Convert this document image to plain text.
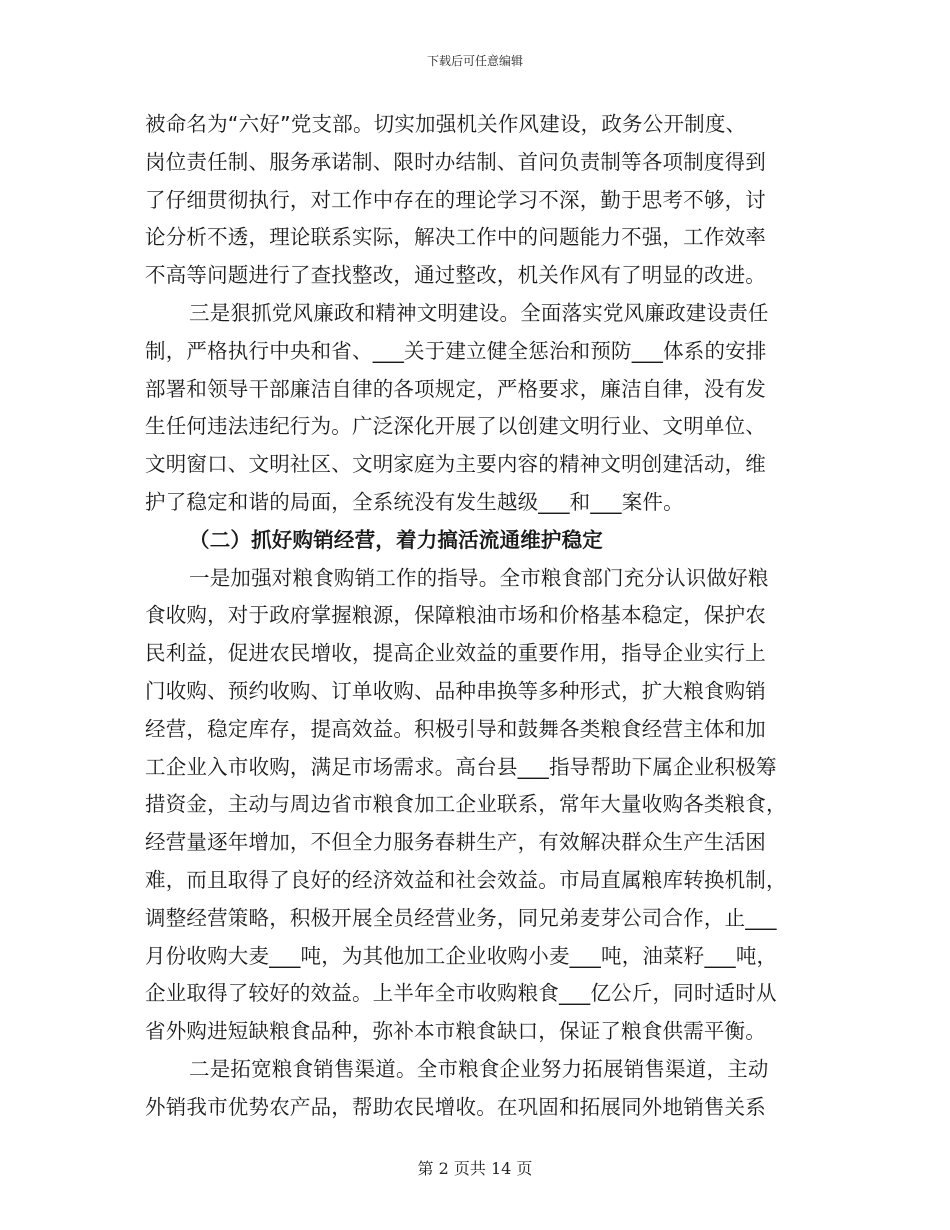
下载后可任意编辑
被命名为“六好”党支部。切实加强机关作风建设，政务公开制度、
岗位责任制、服务承诺制、限时办结制、首问负责制等各项制度得到
了仔细贯彻执行，对工作中存在的理论学习不深，勤于思考不够，讨
论分析不透，理论联系实际，解决工作中的问题能力不强，工作效率
不高等问题进行了查找整改，通过整改，机关作风有了明显的改进。
三是狠抓党风廉政和精神文明建设。全面落实党风廉政建设责任
制，严格执行中央和省、___关于建立健全惩治和预防___体系的安排
部署和领导干部廉洁自律的各项规定，严格要求，廉洁自律，没有发
生任何违法违纪行为。广泛深化开展了以创建文明行业、文明单位、
文明窗口、文明社区、文明家庭为主要内容的精神文明创建活动，维
护了稳定和谐的局面，全系统没有发生越级___和___案件。
（二）抓好购销经营，着力搞活流通维护稳定
一是加强对粮食购销工作的指导。全市粮食部门充分认识做好粮
食收购，对于政府掌握粮源，保障粮油市场和价格基本稳定，保护农
民利益，促进农民增收，提高企业效益的重要作用，指导企业实行上
门收购、预约收购、订单收购、品种串换等多种形式，扩大粮食购销
经营，稳定库存，提高效益。积极引导和鼓舞各类粮食经营主体和加
工企业入市收购，满足市场需求。高台县___指导帮助下属企业积极筹
措资金，主动与周边省市粮食加工企业联系，常年大量收购各类粮食，
经营量逐年增加，不但全力服务春耕生产，有效解决群众生产生活困
难，而且取得了良好的经济效益和社会效益。市局直属粮库转换机制，
调整经营策略，积极开展全员经营业务，同兄弟麦芽公司合作，止___
月份收购大麦___吨，为其他加工企业收购小麦___吨，油菜籽___吨，
企业取得了较好的效益。上半年全市收购粮食___亿公斤，同时适时从
省外购进短缺粮食品种，弥补本市粮食缺口，保证了粮食供需平衡。
二是拓宽粮食销售渠道。全市粮食企业努力拓展销售渠道，主动
外销我市优势农产品，帮助农民增收。在巩固和拓展同外地销售关系
第 2 页共 14 页
